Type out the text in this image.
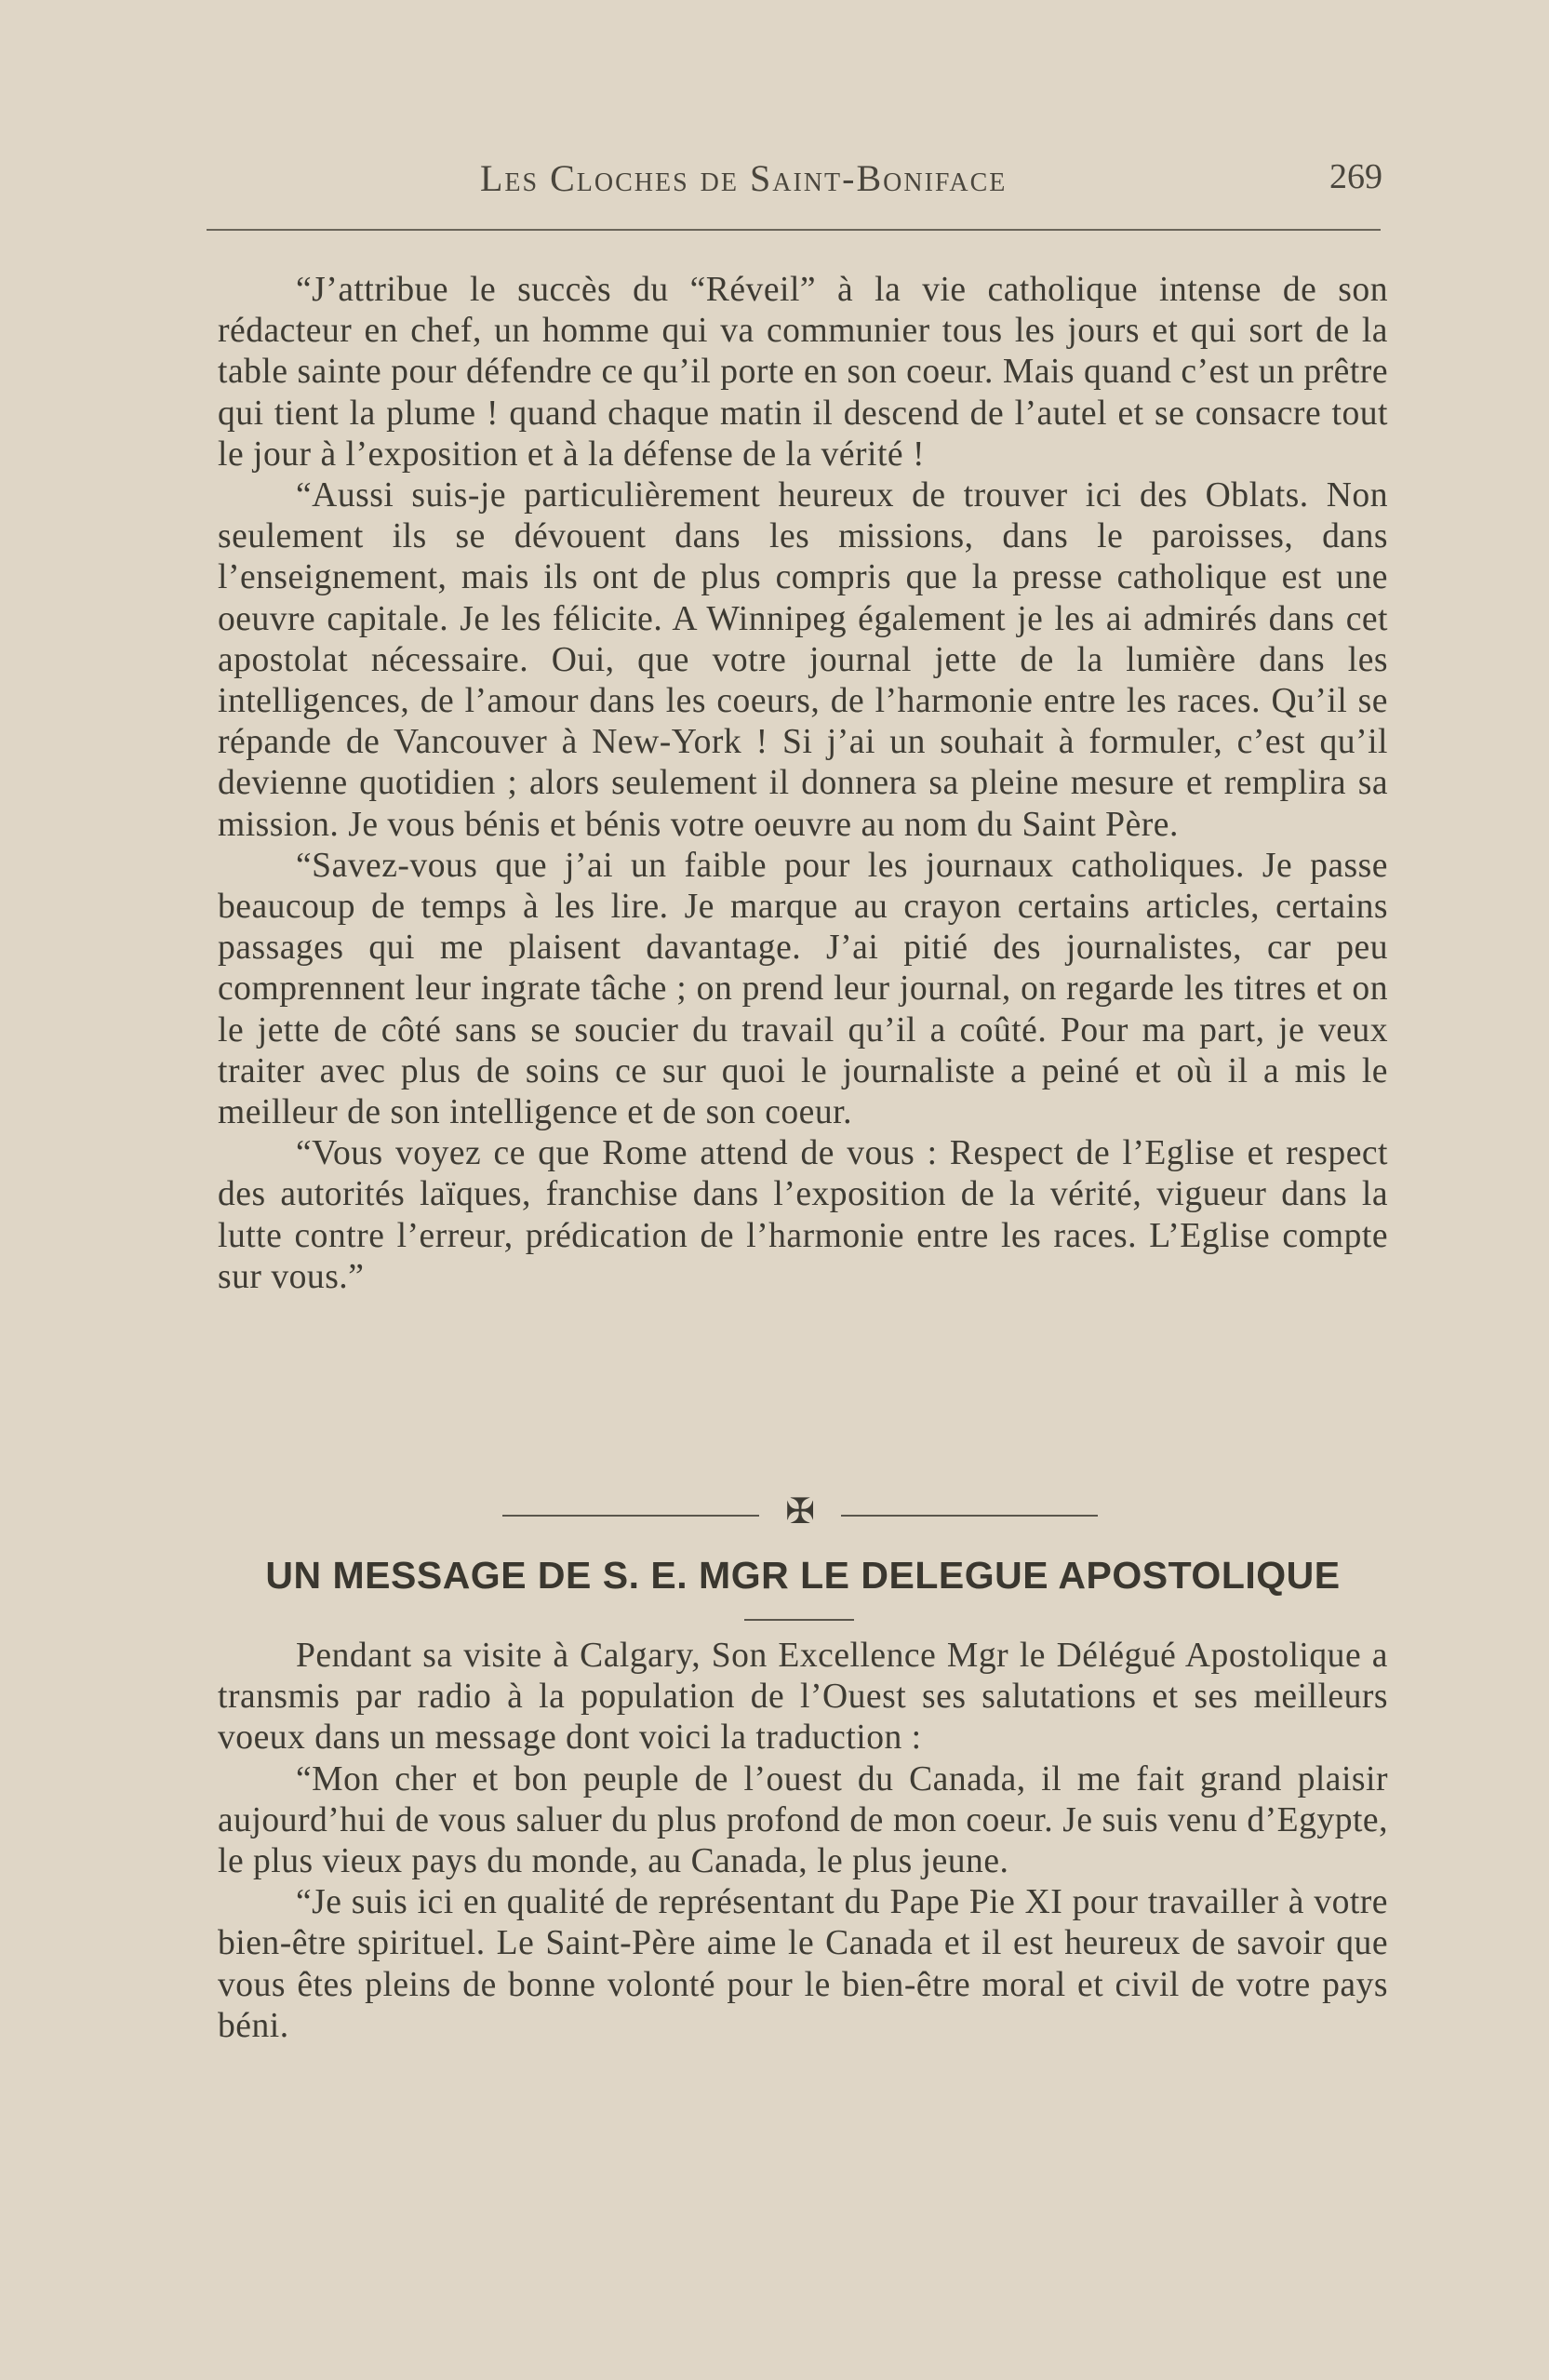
Les Cloches de Saint-Boniface	269

“J’attribue le succès du “Réveil” à la vie catholique intense de son rédacteur en chef, un homme qui va communier tous les jours et qui sort de la table sainte pour défendre ce qu’il porte en son coeur. Mais quand c’est un prêtre qui tient la plume ! quand chaque matin il descend de l’autel et se consacre tout le jour à l’exposition et à la défense de la vérité !

“Aussi suis-je particulièrement heureux de trouver ici des Oblats. Non seulement ils se dévouent dans les missions, dans le paroisses, dans l’enseignement, mais ils ont de plus compris que la presse catholique est une oeuvre capitale. Je les félicite. A Winnipeg également je les ai admirés dans cet apostolat nécessaire. Oui, que votre journal jette de la lumière dans les intelligences, de l’amour dans les coeurs, de l’harmonie entre les races. Qu’il se répande de Vancouver à New-York ! Si j’ai un souhait à formuler, c’est qu’il devienne quotidien ; alors seulement il donnera sa pleine mesure et remplira sa mission. Je vous bénis et bénis votre oeuvre au nom du Saint Père.

“Savez-vous que j’ai un faible pour les journaux catholiques. Je passe beaucoup de temps à les lire. Je marque au crayon certains articles, certains passages qui me plaisent davantage. J’ai pitié des journalistes, car peu comprennent leur ingrate tâche ; on prend leur journal, on regarde les titres et on le jette de côté sans se soucier du travail qu’il a coûté. Pour ma part, je veux traiter avec plus de soins ce sur quoi le journaliste a peiné et où il a mis le meilleur de son intelligence et de son coeur.

“Vous voyez ce que Rome attend de vous : Respect de l’Eglise et respect des autorités laïques, franchise dans l’exposition de la vérité, vigueur dans la lutte contre l’erreur, prédication de l’harmonie entre les races. L’Eglise compte sur vous.”

✠
UN MESSAGE DE S. E. MGR LE DELEGUE APOSTOLIQUE

Pendant sa visite à Calgary, Son Excellence Mgr le Délégué Apostolique a transmis par radio à la population de l’Ouest ses salutations et ses meilleurs voeux dans un message dont voici la traduction :

“Mon cher et bon peuple de l’ouest du Canada, il me fait grand plaisir aujourd’hui de vous saluer du plus profond de mon coeur. Je suis venu d’Egypte, le plus vieux pays du monde, au Canada, le plus jeune.

“Je suis ici en qualité de représentant du Pape Pie XI pour travailler à votre bien-être spirituel. Le Saint-Père aime le Canada et il est heureux de savoir que vous êtes pleins de bonne volonté pour le bien-être moral et civil de votre pays béni.
